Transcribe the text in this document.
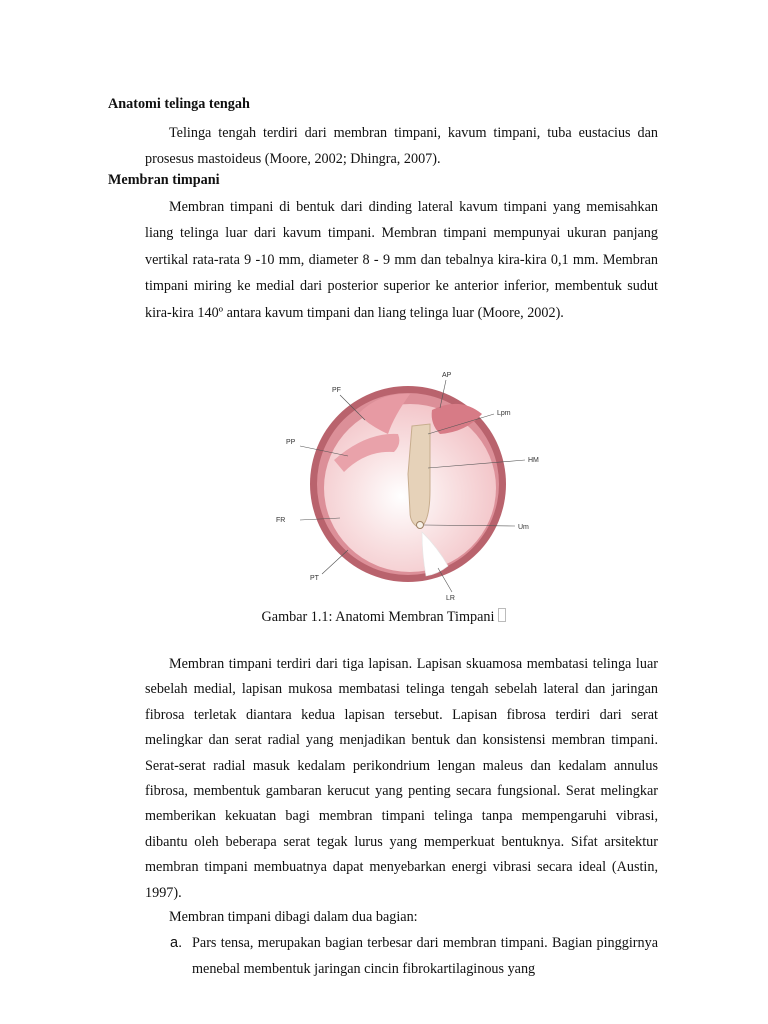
Anatomi telinga tengah

Telinga tengah terdiri dari membran timpani, kavum timpani, tuba eustacius dan prosesus mastoideus (Moore, 2002; Dhingra, 2007).

Membran timpani

Membran timpani di bentuk dari dinding lateral kavum timpani yang memisahkan liang telinga luar dari kavum timpani. Membran timpani mempunyai ukuran panjang vertikal rata-rata 9 -10 mm, diameter 8 - 9 mm dan tebalnya kira-kira 0,1 mm. Membran timpani miring ke medial dari posterior superior ke anterior inferior, membentuk sudut kira-kira 140º antara kavum timpani dan liang telinga luar (Moore, 2002).

PF
AP
Lpm
PP
HM
FR
Um
PT
LR

Gambar 1.1: Anatomi Membran Timpani

Membran timpani terdiri dari tiga lapisan. Lapisan skuamosa membatasi telinga luar sebelah medial, lapisan mukosa membatasi telinga tengah sebelah lateral dan jaringan fibrosa terletak diantara kedua lapisan tersebut. Lapisan fibrosa terdiri dari serat melingkar dan serat radial yang menjadikan bentuk dan konsistensi membran timpani. Serat-serat radial masuk kedalam perikondrium lengan maleus dan kedalam annulus fibrosa, membentuk gambaran kerucut yang penting secara fungsional. Serat melingkar memberikan kekuatan bagi membran timpani telinga tanpa mempengaruhi vibrasi, dibantu oleh beberapa serat tegak lurus yang memperkuat bentuknya. Sifat arsitektur membran timpani membuatnya dapat menyebarkan energi vibrasi secara ideal (Austin, 1997).

Membran timpani dibagi dalam dua bagian:

a. Pars tensa, merupakan bagian terbesar dari membran timpani. Bagian pinggirnya menebal membentuk jaringan cincin fibrokartilaginous yang
